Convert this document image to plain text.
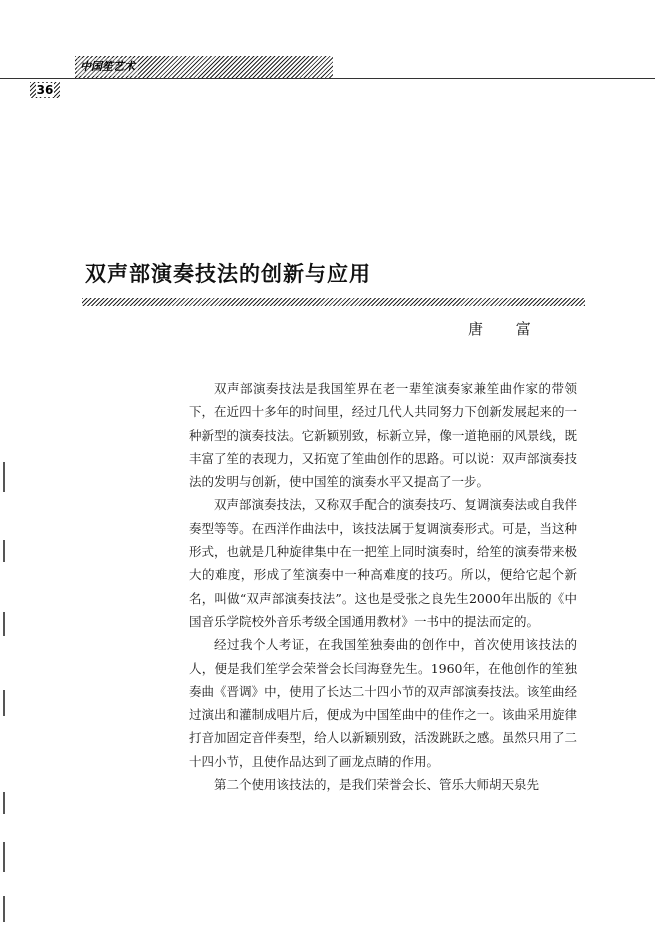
中国笙艺术
36
双声部演奏技法的创新与应用
唐 富

双声部演奏技法是我国笙界在老一辈笙演奏家兼笙曲作家的带领下，在近四十多年的时间里，经过几代人共同努力下创新发展起来的一种新型的演奏技法。它新颖别致，标新立异，像一道艳丽的风景线，既丰富了笙的表现力，又拓宽了笙曲创作的思路。可以说：双声部演奏技法的发明与创新，使中国笙的演奏水平又提高了一步。

双声部演奏技法，又称双手配合的演奏技巧、复调演奏法或自我伴奏型等等。在西洋作曲法中，该技法属于复调演奏形式。可是，当这种形式，也就是几种旋律集中在一把笙上同时演奏时，给笙的演奏带来极大的难度，形成了笙演奏中一种高难度的技巧。所以，便给它起个新名，叫做“双声部演奏技法”。这也是受张之良先生2000年出版的《中国音乐学院校外音乐考级全国通用教材》一书中的提法而定的。

经过我个人考证，在我国笙独奏曲的创作中，首次使用该技法的人，便是我们笙学会荣誉会长闫海登先生。1960年，在他创作的笙独奏曲《晋调》中，使用了长达二十四小节的双声部演奏技法。该笙曲经过演出和灌制成唱片后，便成为中国笙曲中的佳作之一。该曲采用旋律打音加固定音伴奏型，给人以新颖别致，活泼跳跃之感。虽然只用了二十四小节，且使作品达到了画龙点睛的作用。

第二个使用该技法的，是我们荣誉会长、管乐大师胡天泉先
